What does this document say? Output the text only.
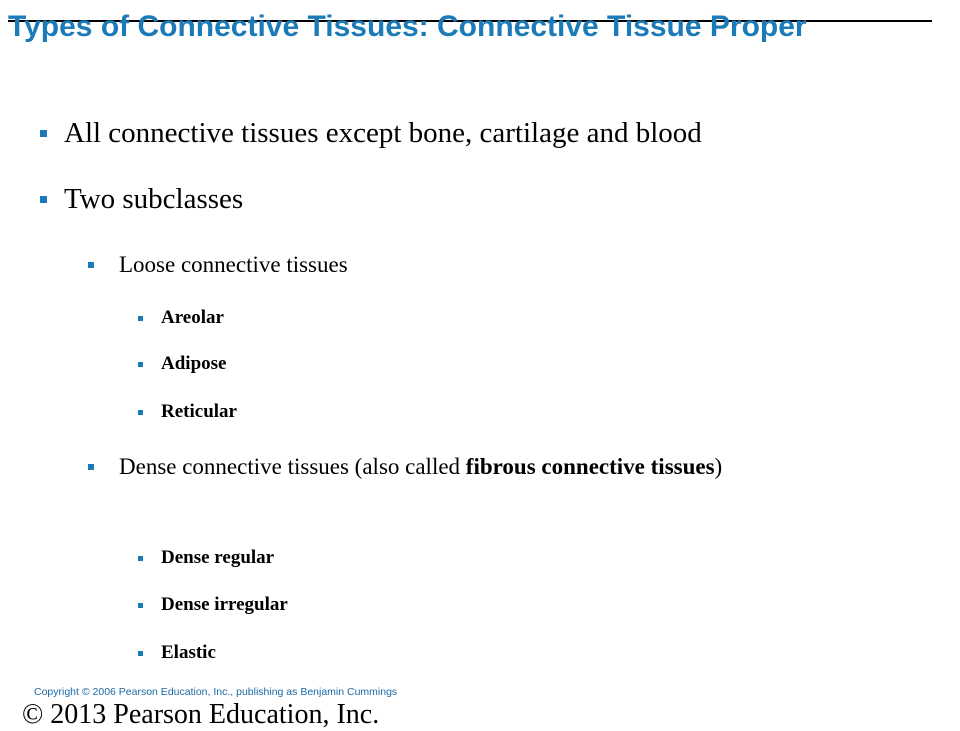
Types of Connective Tissues: Connective Tissue Proper
All connective tissues except bone, cartilage and blood
Two subclasses
Loose connective tissues
Areolar
Adipose
Reticular
Dense connective tissues (also called fibrous connective tissues)
Dense regular
Dense irregular
Elastic
Copyright © 2006 Pearson Education, Inc., publishing as Benjamin Cummings
© 2013 Pearson Education, Inc.
